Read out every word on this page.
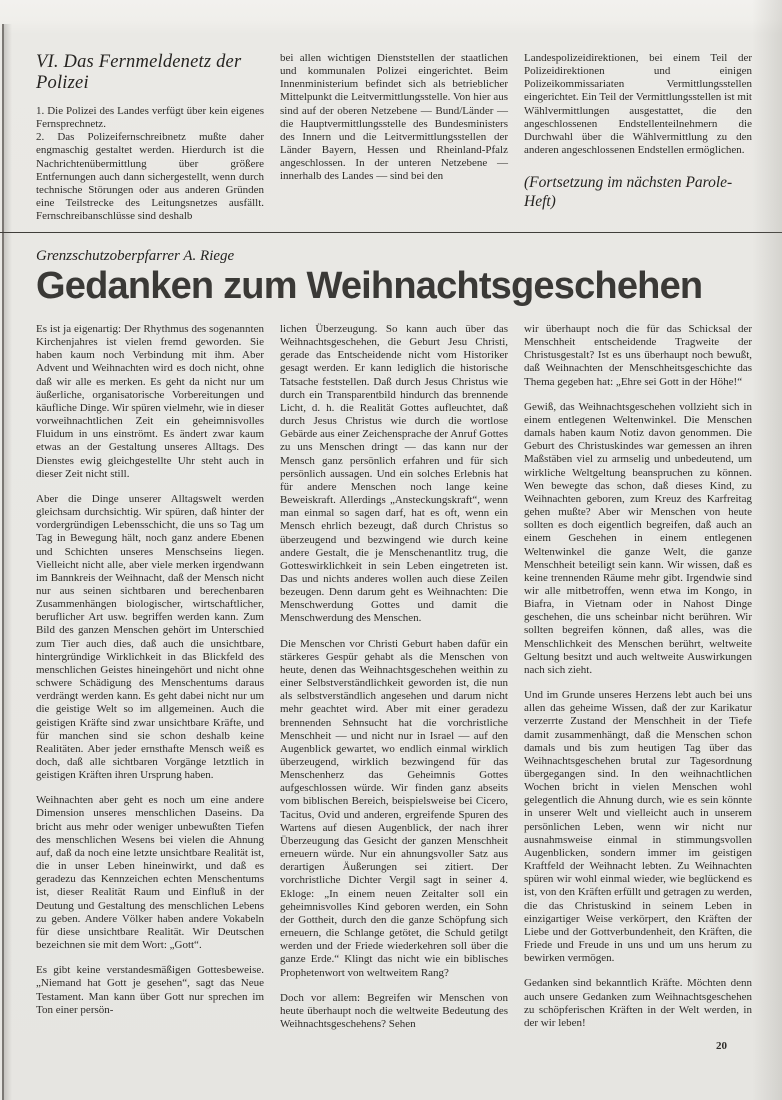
VI. Das Fernmeldenetz der Polizei

1. Die Polizei des Landes verfügt über kein eigenes Fernsprechnetz.

2. Das Polizeifernschreibnetz mußte daher engmaschig gestaltet werden. Hierdurch ist die Nachrichtenübermittlung über größere Entfernungen auch dann sichergestellt, wenn durch technische Störungen oder aus anderen Gründen eine Teilstrecke des Leitungsnetzes ausfällt. Fernschreibanschlüsse sind deshalb

bei allen wichtigen Dienststellen der staatlichen und kommunalen Polizei eingerichtet. Beim Innenministerium befindet sich als betrieblicher Mittelpunkt die Leitvermittlungsstelle. Von hier aus sind auf der oberen Netzebene — Bund/Länder — die Hauptvermittlungsstelle des Bundesministers des Innern und die Leitvermittlungsstellen der Länder Bayern, Hessen und Rheinland-Pfalz angeschlossen. In der unteren Netzebene — innerhalb des Landes — sind bei den

Landespolizeidirektionen, bei einem Teil der Polizeidirektionen und einigen Polizeikommissariaten Vermittlungsstellen eingerichtet. Ein Teil der Vermittlungsstellen ist mit Wählvermittlungen ausgestattet, die den angeschlossenen Endstellenteilnehmern die Durchwahl über die Wählvermittlung zu den anderen angeschlossenen Endstellen ermöglichen.

(Fortsetzung im nächsten Parole-Heft)

Grenzschutzoberpfarrer A. Riege

Gedanken zum Weihnachtsgeschehen

Es ist ja eigenartig: Der Rhythmus des sogenannten Kirchenjahres ist vielen fremd geworden. Sie haben kaum noch Verbindung mit ihm. Aber Advent und Weihnachten wird es doch nicht, ohne daß wir alle es merken. Es geht da nicht nur um äußerliche, organisatorische Vorbereitungen und käufliche Dinge. Wir spüren vielmehr, wie in dieser vorweihnachtlichen Zeit ein geheimnisvolles Fluidum in uns einströmt. Es ändert zwar kaum etwas an der Gestaltung unseres Alltags. Des Dienstes ewig gleichgestellte Uhr steht auch in dieser Zeit nicht still.

Aber die Dinge unserer Alltagswelt werden gleichsam durchsichtig. Wir spüren, daß hinter der vordergründigen Lebensschicht, die uns so Tag um Tag in Bewegung hält, noch ganz andere Ebenen und Schichten unseres Menschseins liegen. Vielleicht nicht alle, aber viele merken irgendwann im Bannkreis der Weihnacht, daß der Mensch nicht nur aus seinen sichtbaren und berechenbaren Zusammenhängen biologischer, wirtschaftlicher, beruflicher Art usw. begriffen werden kann. Zum Bild des ganzen Menschen gehört im Unterschied zum Tier auch dies, daß auch die unsichtbare, hintergründige Wirklichkeit in das Blickfeld des menschlichen Geistes hineingehört und nicht ohne schwere Schädigung des Menschentums daraus verdrängt werden kann. Es geht dabei nicht nur um die geistige Welt so im allgemeinen. Auch die geistigen Kräfte sind zwar unsichtbare Kräfte, und für manchen sind sie schon deshalb keine Realitäten. Aber jeder ernsthafte Mensch weiß es doch, daß alle sichtbaren Vorgänge letztlich in geistigen Kräften ihren Ursprung haben.

Weihnachten aber geht es noch um eine andere Dimension unseres menschlichen Daseins. Da bricht aus mehr oder weniger unbewußten Tiefen des menschlichen Wesens bei vielen die Ahnung auf, daß da noch eine letzte unsichtbare Realität ist, die in unser Leben hineinwirkt, und daß es geradezu das Kennzeichen echten Menschentums ist, dieser Realität Raum und Einfluß in der Deutung und Gestaltung des menschlichen Lebens zu geben. Andere Völker haben andere Vokabeln für diese unsichtbare Realität. Wir Deutschen bezeichnen sie mit dem Wort: „Gott“.

Es gibt keine verstandesmäßigen Gottesbeweise. „Niemand hat Gott je gesehen“, sagt das Neue Testament. Man kann über Gott nur sprechen im Ton einer persön-

lichen Überzeugung. So kann auch über das Weihnachtsgeschehen, die Geburt Jesu Christi, gerade das Entscheidende nicht vom Historiker gesagt werden. Er kann lediglich die historische Tatsache feststellen. Daß durch Jesus Christus wie durch ein Transparentbild hindurch das brennende Licht, d. h. die Realität Gottes aufleuchtet, daß durch Jesus Christus wie durch die wortlose Gebärde aus einer Zeichensprache der Anruf Gottes zu uns Menschen dringt — das kann nur der Mensch ganz persönlich erfahren und für sich persönlich aussagen. Und ein solches Erlebnis hat für andere Menschen noch lange keine Beweiskraft. Allerdings „Ansteckungskraft“, wenn man einmal so sagen darf, hat es oft, wenn ein Mensch ehrlich bezeugt, daß durch Christus so überzeugend und bezwingend wie durch keine andere Gestalt, die je Menschenantlitz trug, die Gotteswirklichkeit in sein Leben eingetreten ist. Das und nichts anderes wollen auch diese Zeilen bezeugen. Denn darum geht es Weihnachten: Die Menschwerdung Gottes und damit die Menschwerdung des Menschen.

Die Menschen vor Christi Geburt haben dafür ein stärkeres Gespür gehabt als die Menschen von heute, denen das Weihnachtsgeschehen weithin zu einer Selbstverständlichkeit geworden ist, die nun als selbstverständlich angesehen und darum nicht mehr geachtet wird. Aber mit einer geradezu brennenden Sehnsucht hat die vorchristliche Menschheit — und nicht nur in Israel — auf den Augenblick gewartet, wo endlich einmal wirklich überzeugend, wirklich bezwingend für das Menschenherz das Geheimnis Gottes aufgeschlossen würde. Wir finden ganz abseits vom biblischen Bereich, beispielsweise bei Cicero, Tacitus, Ovid und anderen, ergreifende Spuren des Wartens auf diesen Augenblick, der nach ihrer Überzeugung das Gesicht der ganzen Menschheit erneuern würde. Nur ein ahnungsvoller Satz aus derartigen Äußerungen sei zitiert. Der vorchristliche Dichter Vergil sagt in seiner 4. Ekloge: „In einem neuen Zeitalter soll ein geheimnisvolles Kind geboren werden, ein Sohn der Gottheit, durch den die ganze Schöpfung sich erneuern, die Schlange getötet, die Schuld getilgt werden und der Friede wiederkehren soll über die ganze Erde.“ Klingt das nicht wie ein biblisches Prophetenwort von weltweitem Rang?

Doch vor allem: Begreifen wir Menschen von heute überhaupt noch die weltweite Bedeutung des Weihnachtsgeschehens? Sehen

wir überhaupt noch die für das Schicksal der Menschheit entscheidende Tragweite der Christusgestalt? Ist es uns überhaupt noch bewußt, daß Weihnachten der Menschheitsgeschichte das Thema gegeben hat: „Ehre sei Gott in der Höhe!“

Gewiß, das Weihnachtsgeschehen vollzieht sich in einem entlegenen Weltenwinkel. Die Menschen damals haben kaum Notiz davon genommen. Die Geburt des Christuskindes war gemessen an ihren Maßstäben viel zu armselig und unbedeutend, um wirkliche Weltgeltung beanspruchen zu können. Wen bewegte das schon, daß dieses Kind, zu Weihnachten geboren, zum Kreuz des Karfreitag gehen mußte? Aber wir Menschen von heute sollten es doch eigentlich begreifen, daß auch an einem Geschehen in einem entlegenen Weltenwinkel die ganze Welt, die ganze Menschheit beteiligt sein kann. Wir wissen, daß es keine trennenden Räume mehr gibt. Irgendwie sind wir alle mitbetroffen, wenn etwa im Kongo, in Biafra, in Vietnam oder in Nahost Dinge geschehen, die uns scheinbar nicht berühren. Wir sollten begreifen können, daß alles, was die Menschlichkeit des Menschen berührt, weltweite Geltung besitzt und auch weltweite Auswirkungen nach sich zieht.

Und im Grunde unseres Herzens lebt auch bei uns allen das geheime Wissen, daß der zur Karikatur verzerrte Zustand der Menschheit in der Tiefe damit zusammenhängt, daß die Menschen schon damals und bis zum heutigen Tag über das Weihnachtsgeschehen brutal zur Tagesordnung übergegangen sind. In den weihnachtlichen Wochen bricht in vielen Menschen wohl gelegentlich die Ahnung durch, wie es sein könnte in unserer Welt und vielleicht auch in unserem persönlichen Leben, wenn wir nicht nur ausnahmsweise einmal in stimmungsvollen Augenblicken, sondern immer im geistigen Kraftfeld der Weihnacht lebten. Zu Weihnachten spüren wir wohl einmal wieder, wie beglückend es ist, von den Kräften erfüllt und getragen zu werden, die das Christuskind in seinem Leben in einzigartiger Weise verkörpert, den Kräften der Liebe und der Gottverbundenheit, den Kräften, die Friede und Freude in uns und um uns herum zu bewirken vermögen.

Gedanken sind bekanntlich Kräfte. Möchten denn auch unsere Gedanken zum Weihnachtsgeschehen zu schöpferischen Kräften in der Welt werden, in der wir leben!

20
